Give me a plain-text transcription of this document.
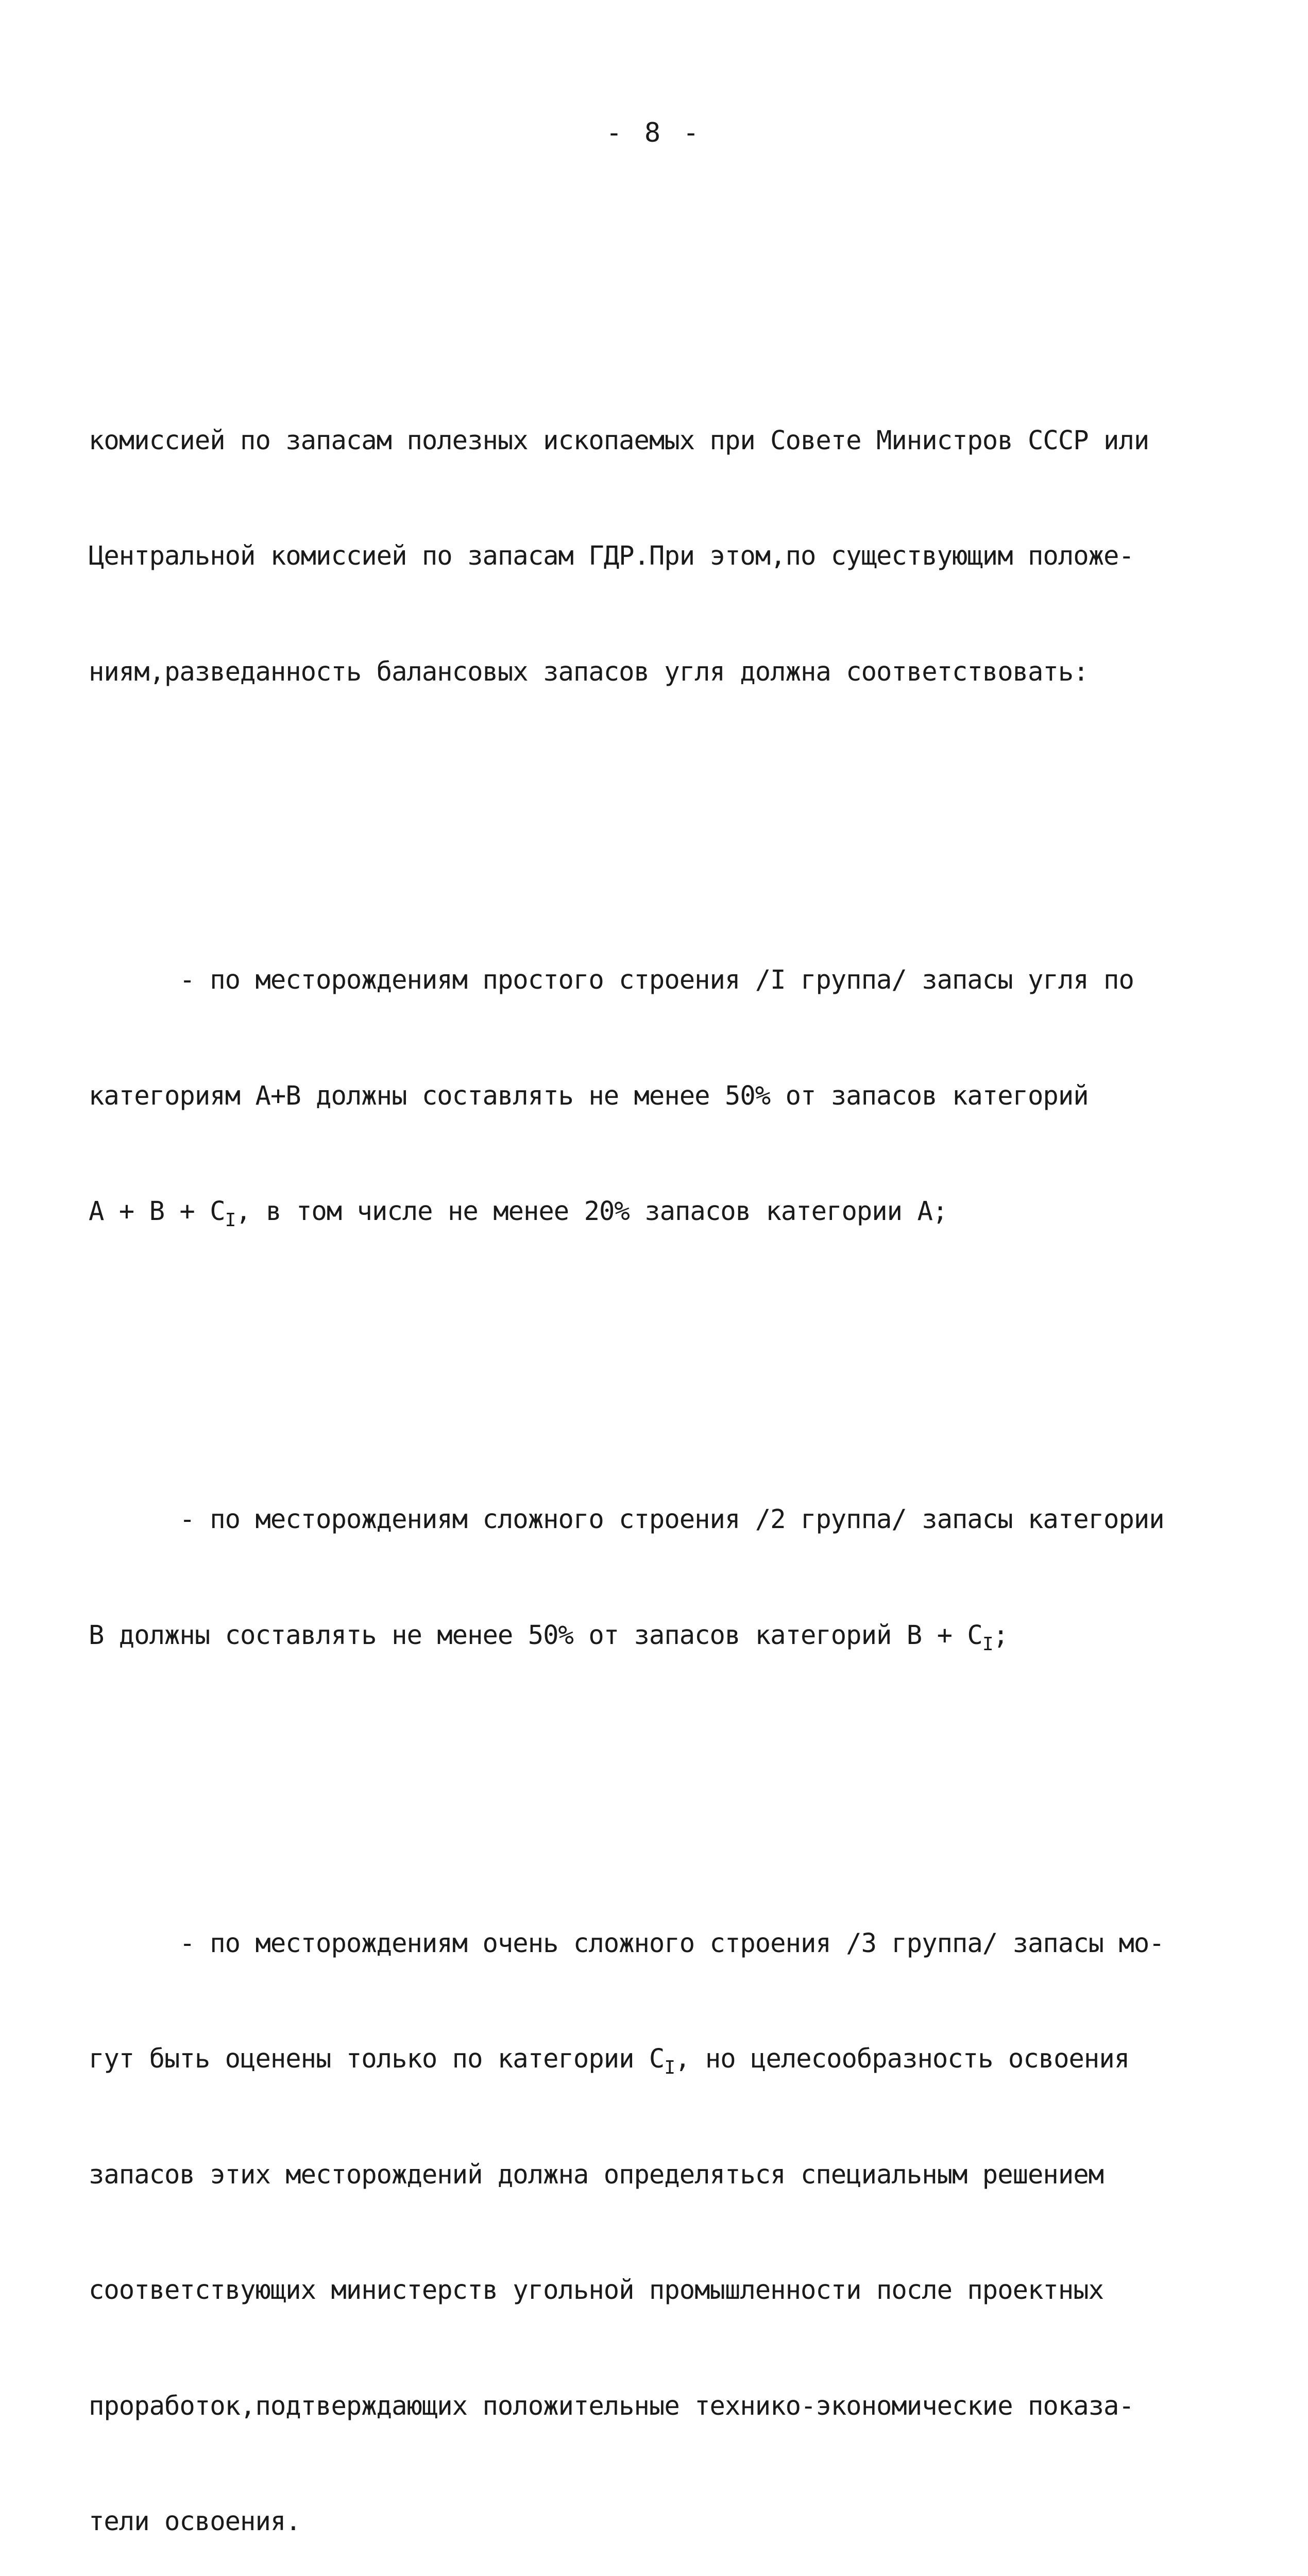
- 8 -

комиссией по запасам полезных ископаемых при Совете Министров СССР или

Центральной комиссией по запасам ГДР.При этом,по существующим положе-

ниям,разведанность балансовых запасов угля должна соответствовать:

- по месторождениям простого строения /I группа/ запасы угля по

категориям А+В должны составлять не менее 50% от запасов категорий

$А + В + С_I$, в том числе не менее 20% запасов категории А;

- по месторождениям сложного строения /2 группа/ запасы категории

В должны составлять не менее 50% от запасов категорий $В + С_I$;

- по месторождениям очень сложного строения /3 группа/ запасы мо-

гут быть оценены только по категории $С_I$, но целесообразность освоения

запасов этих месторождений должна определяться специальным решением

соответствующих министерств угольной промышленности после проектных

проработок,подтверждающих положительные технико-экономические показа-

тели освоения.
